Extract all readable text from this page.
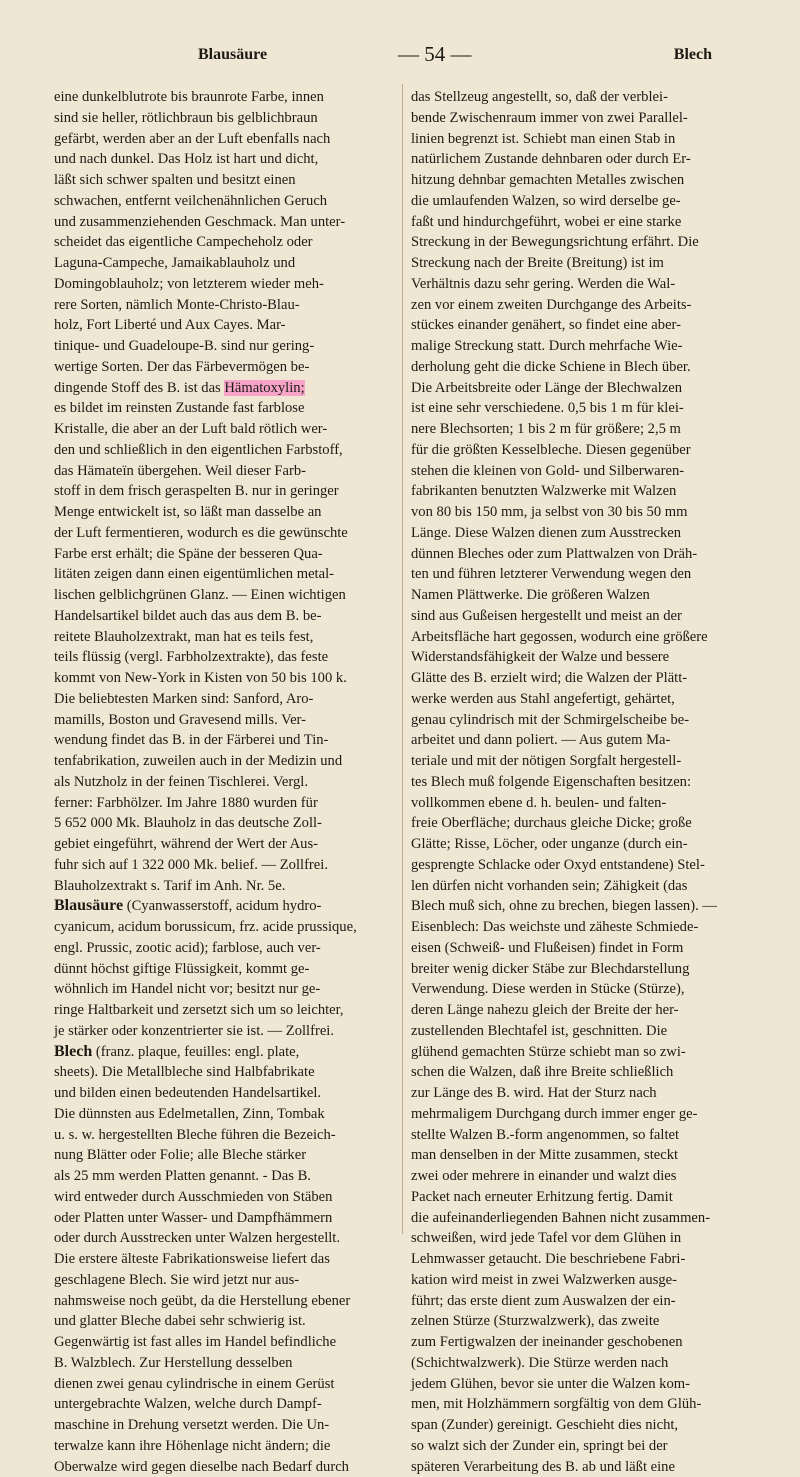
Blausäure	— 54 —	Blech
eine dunkelblutrote bis braunrote Farbe, innen
sind sie heller, rötlichbraun bis gelblichbraun
gefärbt, werden aber an der Luft ebenfalls nach
und nach dunkel. Das Holz ist hart und dicht,
läßt sich schwer spalten und besitzt einen
schwachen, entfernt veilchenähnlichen Geruch
und zusammenziehenden Geschmack. Man unter-
scheidet das eigentliche Campecheholz oder
Laguna-Campeche, Jamaikablauholz und
Domingoblauholz; von letzterem wieder meh-
rere Sorten, nämlich Monte-Christo-Blau-
holz, Fort Liberté und Aux Cayes. Mar-
tinique- und Guadeloupe-B. sind nur gering-
wertige Sorten. Der das Färbevermögen be-
dingende Stoff des B. ist das Hämatoxylin;
es bildet im reinsten Zustande fast farblose
Kristalle, die aber an der Luft bald rötlich wer-
den und schließlich in den eigentlichen Farbstoff,
das Hämateïn übergehen. Weil dieser Farb-
stoff in dem frisch geraspelten B. nur in geringer
Menge entwickelt ist, so läßt man dasselbe an
der Luft fermentieren, wodurch es die gewünschte
Farbe erst erhält; die Späne der besseren Qua-
litäten zeigen dann einen eigentümlichen metal-
lischen gelblichgrünen Glanz. — Einen wichtigen
Handelsartikel bildet auch das aus dem B. be-
reitete Blauholzextrakt, man hat es teils fest,
teils flüssig (vergl. Farbholzextrakte), das feste
kommt von New-York in Kisten von 50 bis 100 k.
Die beliebtesten Marken sind: Sanford, Aro-
mamills, Boston und Gravesend mills. Ver-
wendung findet das B. in der Färberei und Tin-
tenfabrikation, zuweilen auch in der Medizin und
als Nutzholz in der feinen Tischlerei. Vergl.
ferner: Farbhölzer. Im Jahre 1880 wurden für
5 652 000 Mk. Blauholz in das deutsche Zoll-
gebiet eingeführt, während der Wert der Aus-
fuhr sich auf 1 322 000 Mk. belief. — Zollfrei.
Blauholzextrakt s. Tarif im Anh. Nr. 5e.
Blausäure (Cyanwasserstoff, acidum hydro-
cyanicum, acidum borussicum, frz. acide prussique,
engl. Prussic, zootic acid); farblose, auch ver-
dünnt höchst giftige Flüssigkeit, kommt ge-
wöhnlich im Handel nicht vor; besitzt nur ge-
ringe Haltbarkeit und zersetzt sich um so leichter,
je stärker oder konzentrierter sie ist. — Zollfrei.
Blech (franz. plaque, feuilles: engl. plate,
sheets). Die Metallbleche sind Halbfabrikate
und bilden einen bedeutenden Handelsartikel.
Die dünnsten aus Edelmetallen, Zinn, Tombak
u. s. w. hergestellten Bleche führen die Bezeich-
nung Blätter oder Folie; alle Bleche stärker
als 25 mm werden Platten genannt. - Das B.
wird entweder durch Ausschmieden von Stäben
oder Platten unter Wasser- und Dampfhämmern
oder durch Ausstrecken unter Walzen hergestellt.
Die erstere älteste Fabrikationsweise liefert das
geschlagene Blech. Sie wird jetzt nur aus-
nahmsweise noch geübt, da die Herstellung ebener
und glatter Bleche dabei sehr schwierig ist.
Gegenwärtig ist fast alles im Handel befindliche
B. Walzblech. Zur Herstellung desselben
dienen zwei genau cylindrische in einem Gerüst
untergebrachte Walzen, welche durch Dampf-
maschine in Drehung versetzt werden. Die Un-
terwalze kann ihre Höhenlage nicht ändern; die
Oberwalze wird gegen dieselbe nach Bedarf durch
das Stellzeug angestellt, so, daß der verblei-
bende Zwischenraum immer von zwei Parallel-
linien begrenzt ist. Schiebt man einen Stab in
natürlichem Zustande dehnbaren oder durch Er-
hitzung dehnbar gemachten Metalles zwischen
die umlaufenden Walzen, so wird derselbe ge-
faßt und hindurchgeführt, wobei er eine starke
Streckung in der Bewegungsrichtung erfährt. Die
Streckung nach der Breite (Breitung) ist im
Verhältnis dazu sehr gering. Werden die Wal-
zen vor einem zweiten Durchgange des Arbeits-
stückes einander genähert, so findet eine aber-
malige Streckung statt. Durch mehrfache Wie-
derholung geht die dicke Schiene in Blech über.
Die Arbeitsbreite oder Länge der Blechwalzen
ist eine sehr verschiedene. 0,5 bis 1 m für klei-
nere Blechsorten; 1 bis 2 m für größere; 2,5 m
für die größten Kesselbleche. Diesen gegenüber
stehen die kleinen von Gold- und Silberwaren-
fabrikanten benutzten Walzwerke mit Walzen
von 80 bis 150 mm, ja selbst von 30 bis 50 mm
Länge. Diese Walzen dienen zum Ausstrecken
dünnen Bleches oder zum Plattwalzen von Dräh-
ten und führen letzterer Verwendung wegen den
Namen Plättwerke. Die größeren Walzen
sind aus Gußeisen hergestellt und meist an der
Arbeitsfläche hart gegossen, wodurch eine größere
Widerstandsfähigkeit der Walze und bessere
Glätte des B. erzielt wird; die Walzen der Plätt-
werke werden aus Stahl angefertigt, gehärtet,
genau cylindrisch mit der Schmirgelscheibe be-
arbeitet und dann poliert. — Aus gutem Ma-
teriale und mit der nötigen Sorgfalt hergestell-
tes Blech muß folgende Eigenschaften besitzen:
vollkommen ebene d. h. beulen- und falten-
freie Oberfläche; durchaus gleiche Dicke; große
Glätte; Risse, Löcher, oder unganze (durch ein-
gesprengte Schlacke oder Oxyd entstandene) Stel-
len dürfen nicht vorhanden sein; Zähigkeit (das
Blech muß sich, ohne zu brechen, biegen lassen). —
Eisenblech: Das weichste und zäheste Schmiede-
eisen (Schweiß- und Flußeisen) findet in Form
breiter wenig dicker Stäbe zur Blechdarstellung
Verwendung. Diese werden in Stücke (Stürze),
deren Länge nahezu gleich der Breite der her-
zustellenden Blechtafel ist, geschnitten. Die
glühend gemachten Stürze schiebt man so zwi-
schen die Walzen, daß ihre Breite schließlich
zur Länge des B. wird. Hat der Sturz nach
mehrmaligem Durchgang durch immer enger ge-
stellte Walzen B.-form angenommen, so faltet
man denselben in der Mitte zusammen, steckt
zwei oder mehrere in einander und walzt dies
Packet nach erneuter Erhitzung fertig. Damit
die aufeinanderliegenden Bahnen nicht zusammen-
schweißen, wird jede Tafel vor dem Glühen in
Lehmwasser getaucht. Die beschriebene Fabri-
kation wird meist in zwei Walzwerken ausge-
führt; das erste dient zum Auswalzen der ein-
zelnen Stürze (Sturzwalzwerk), das zweite
zum Fertigwalzen der ineinander geschobenen
(Schichtwalzwerk). Die Stürze werden nach
jedem Glühen, bevor sie unter die Walzen kom-
men, mit Holzhämmern sorgfältig von dem Glüh-
span (Zunder) gereinigt. Geschieht dies nicht,
so walzt sich der Zunder ein, springt bei der
späteren Verarbeitung des B. ab und läßt eine
